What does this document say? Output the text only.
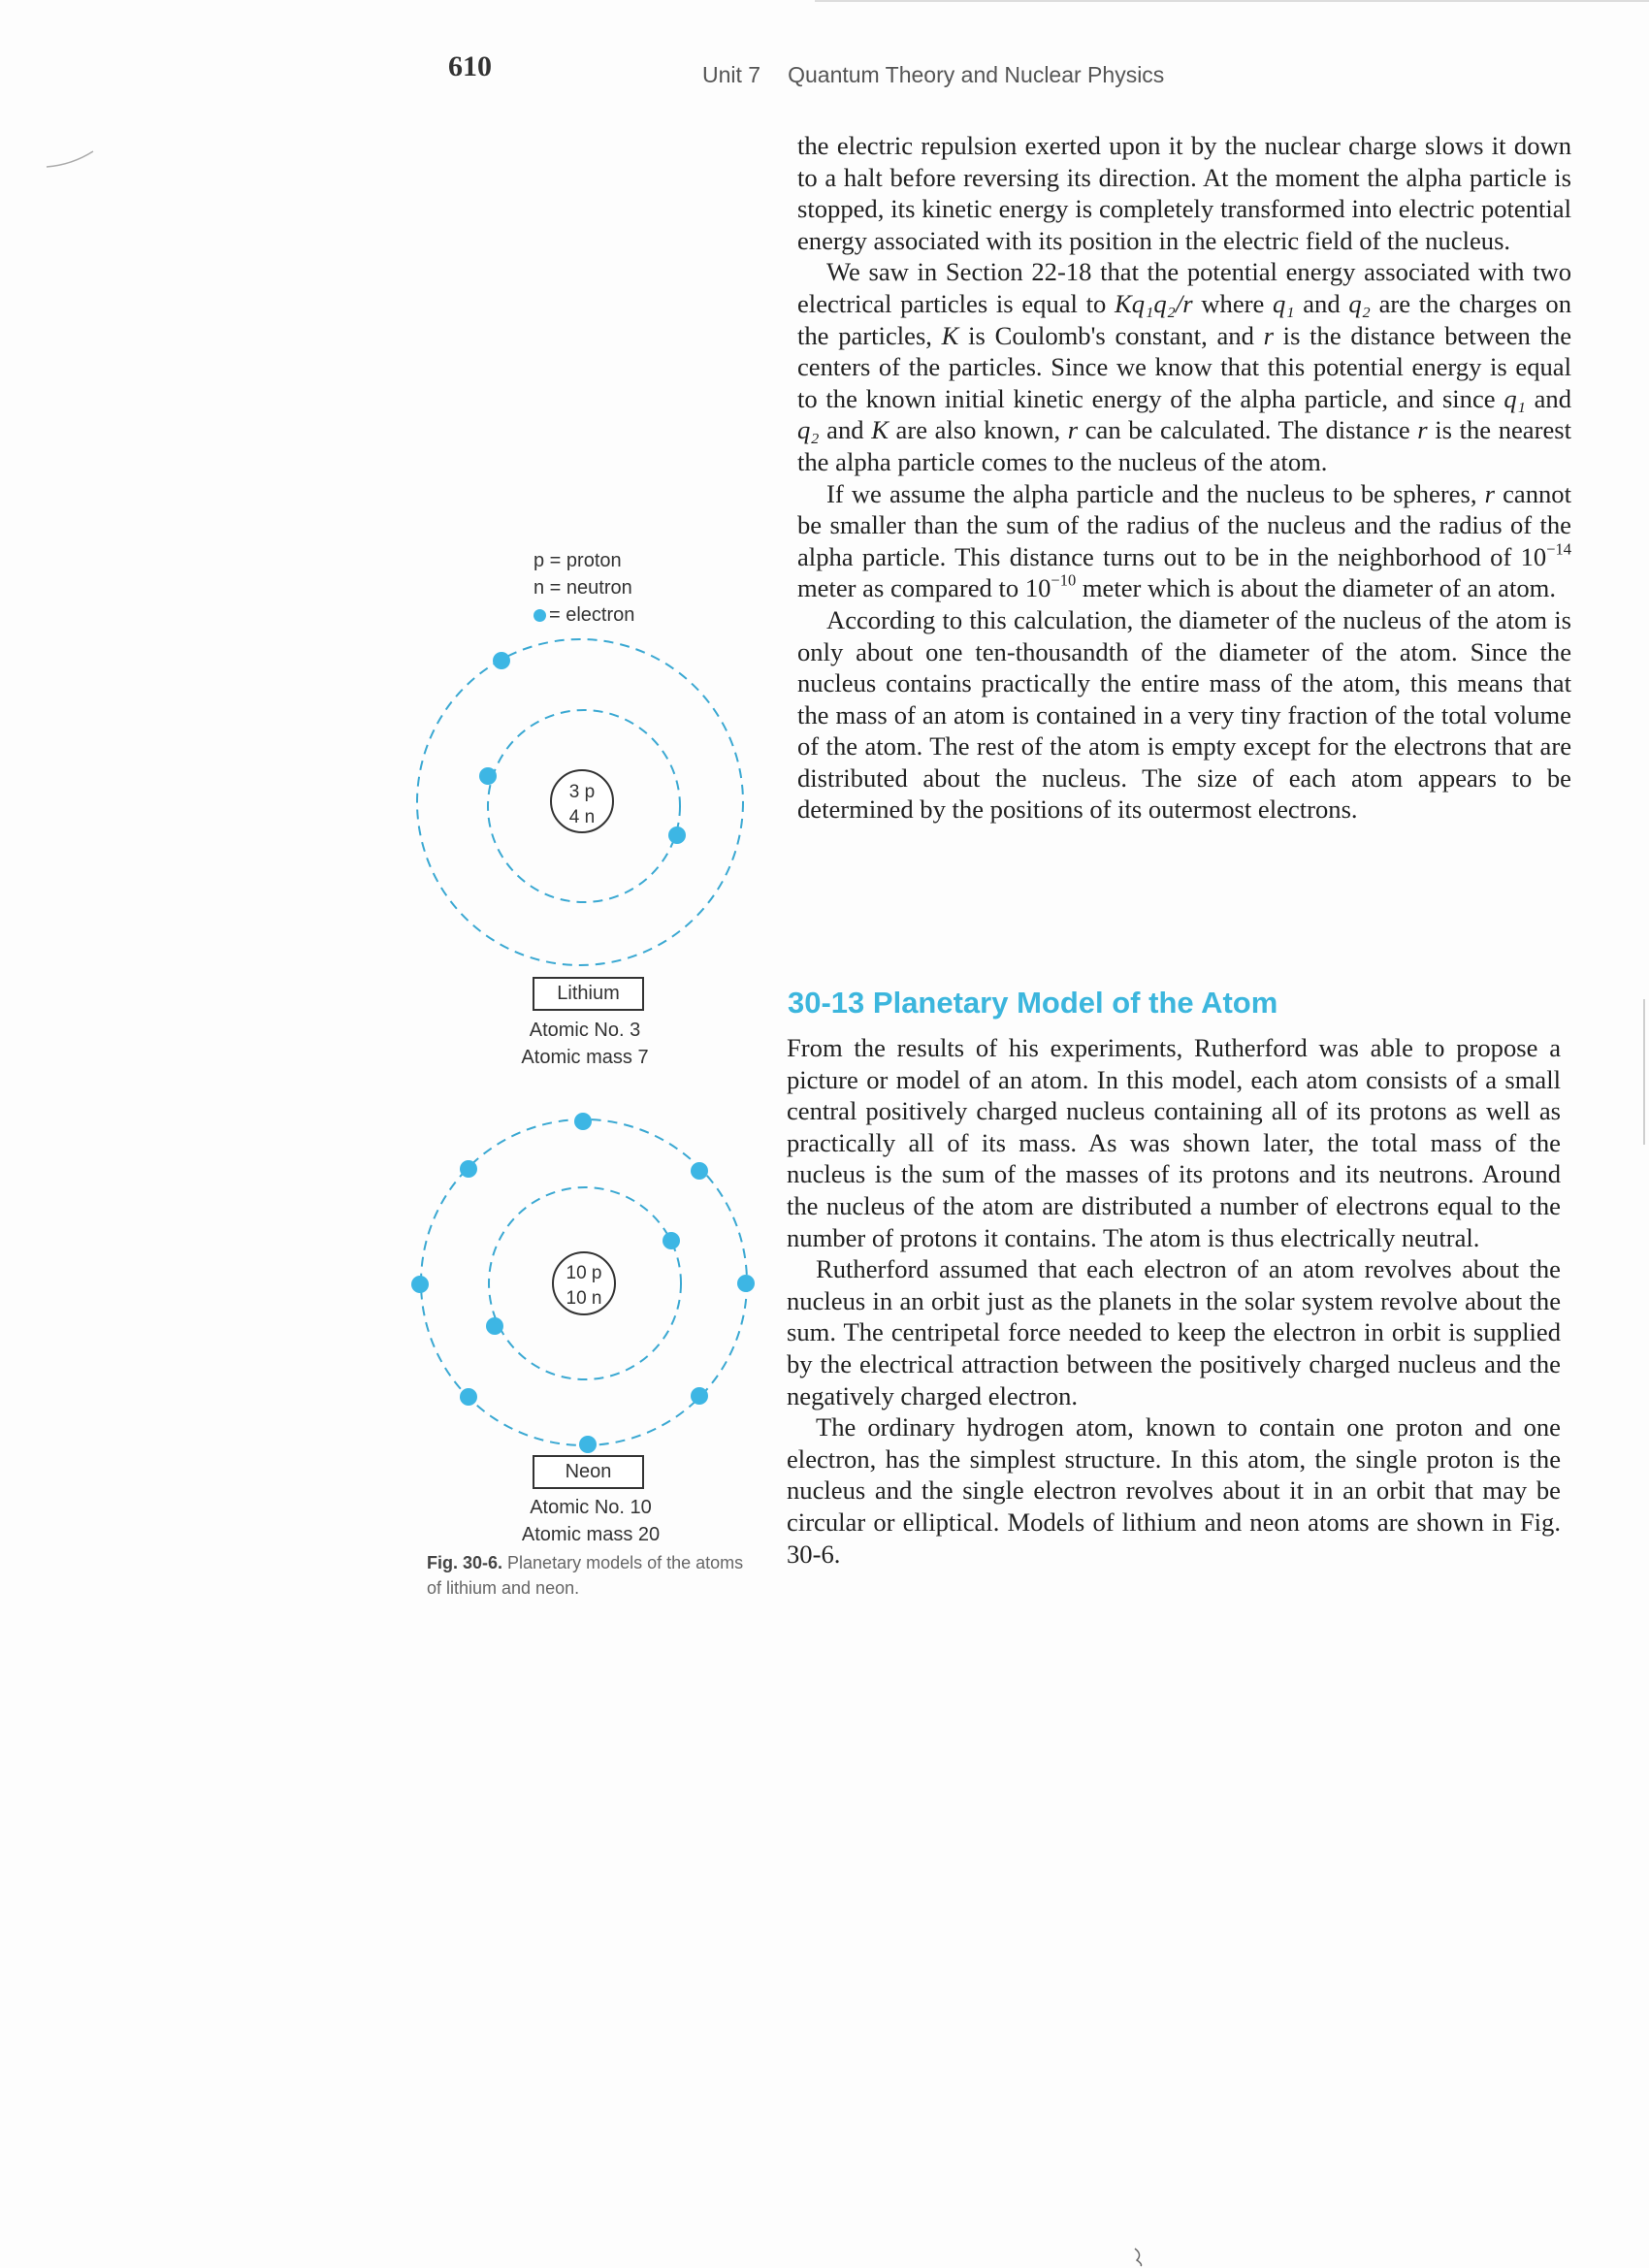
610	Unit 7 Quantum Theory and Nuclear Physics

the electric repulsion exerted upon it by the nuclear charge slows it down to a halt before reversing its direction. At the moment the alpha particle is stopped, its kinetic energy is completely transformed into electric potential energy associated with its position in the electric field of the nucleus.

We saw in Section 22-18 that the potential energy associated with two electrical particles is equal to Kq₁q₂/r where q₁ and q₂ are the charges on the particles, K is Coulomb's constant, and r is the distance between the centers of the particles. Since we know that this potential energy is equal to the known initial kinetic energy of the alpha particle, and since q₁ and q₂ and K are also known, r can be calculated. The distance r is the nearest the alpha particle comes to the nucleus of the atom.

If we assume the alpha particle and the nucleus to be spheres, r cannot be smaller than the sum of the radius of the nucleus and the radius of the alpha particle. This distance turns out to be in the neighborhood of $10^{-14}$ meter as compared to $10^{-10}$ meter which is about the diameter of an atom.

According to this calculation, the diameter of the nucleus of the atom is only about one ten-thousandth of the diameter of the atom. Since the nucleus contains practically the entire mass of the atom, this means that the mass of an atom is contained in a very tiny fraction of the total volume of the atom. The rest of the atom is empty except for the electrons that are distributed about the nucleus. The size of each atom appears to be determined by the positions of its outermost electrons.

30-13 Planetary Model of the Atom

From the results of his experiments, Rutherford was able to propose a picture or model of an atom. In this model, each atom consists of a small central positively charged nucleus containing all of its protons as well as practically all of its mass. As was shown later, the total mass of the nucleus is the sum of the masses of its protons and its neutrons. Around the nucleus of the atom are distributed a number of electrons equal to the number of protons it contains. The atom is thus electrically neutral.

Rutherford assumed that each electron of an atom revolves about the nucleus in an orbit just as the planets in the solar system revolve about the sum. The centripetal force needed to keep the electron in orbit is supplied by the electrical attraction between the positively charged nucleus and the negatively charged electron.

The ordinary hydrogen atom, known to contain one proton and one electron, has the simplest structure. In this atom, the single proton is the nucleus and the single electron revolves about it in an orbit that may be circular or elliptical. Models of lithium and neon atoms are shown in Fig. 30-6.

p = proton
n = neutron
= electron
3 p
4 n
10 p
10 n
Lithium
Atomic No. 3
Atomic mass 7
Neon
Atomic No. 10
Atomic mass 20
Fig. 30-6. Planetary models of the atoms of lithium and neon.
